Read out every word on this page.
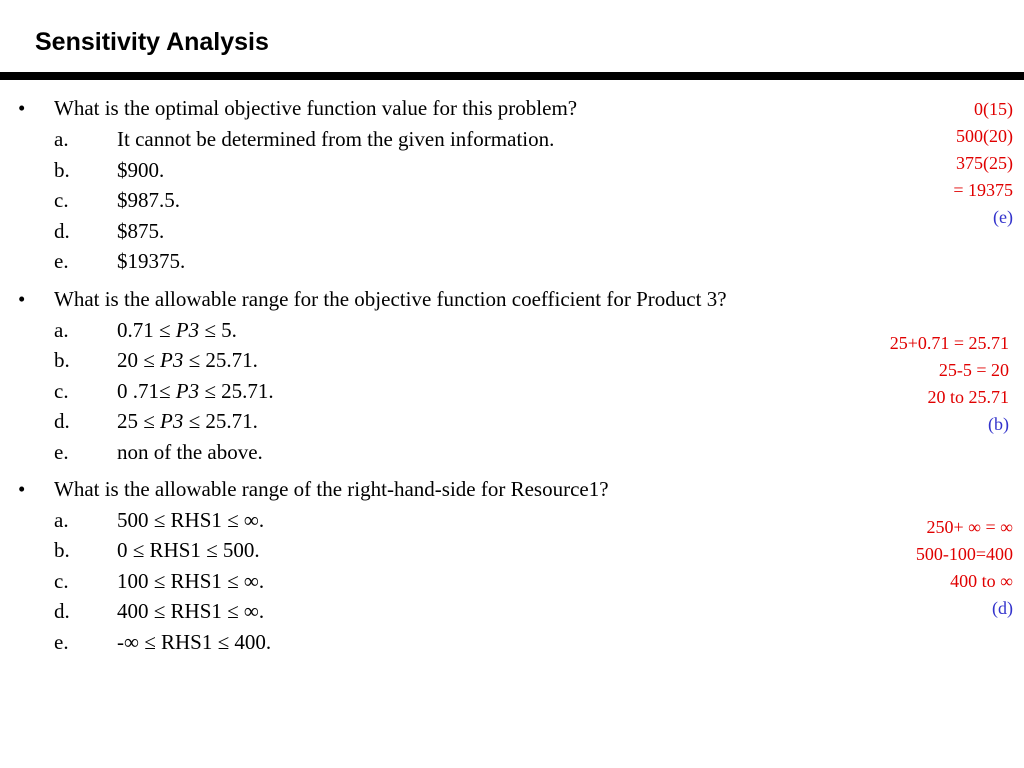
Sensitivity Analysis
• What is the optimal objective function value for this problem?
a. It cannot be determined from the given information.
b. $900.
c. $987.5.
d. $875.
e. $19375.
0(15)
500(20)
375(25)
= 19375
(e)
• What is the allowable range for the objective function coefficient for Product 3?
a. 0.71 ≤ P3 ≤ 5.
b. 20 ≤ P3 ≤ 25.71.
c. 0 .71≤ P3 ≤ 25.71.
d. 25 ≤ P3 ≤ 25.71.
e. non of the above.
25+0.71 = 25.71
25-5 = 20
20 to 25.71
(b)
• What is the allowable range of the right-hand-side for Resource1?
a. 500 ≤ RHS1 ≤ ∞.
b. 0 ≤ RHS1 ≤ 500.
c. 100 ≤ RHS1 ≤ ∞.
d. 400 ≤ RHS1 ≤ ∞.
e. -∞ ≤ RHS1 ≤ 400.
250+ ∞ = ∞
500-100=400
400 to ∞
(d)
